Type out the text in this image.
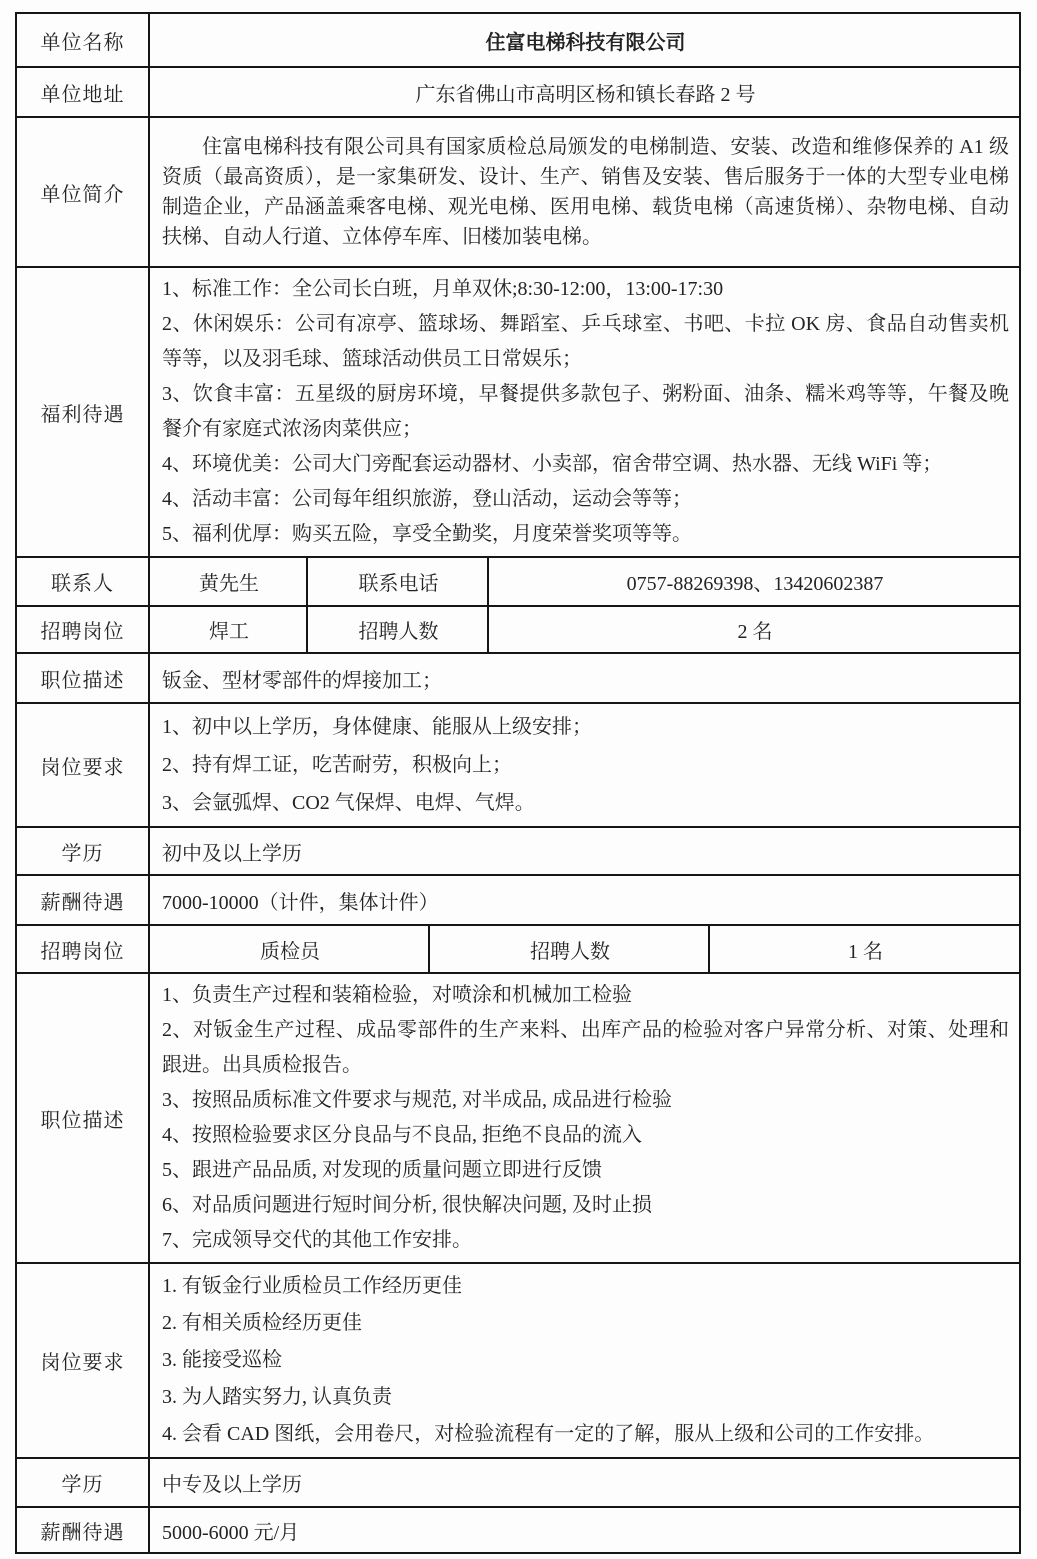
单位名称	住富电梯科技有限公司
单位地址	广东省佛山市高明区杨和镇长春路 2 号
单位简介
住富电梯科技有限公司具有国家质检总局颁发的电梯制造、安装、改造和维修保养的 A1 级资质（最高资质），是一家集研发、设计、生产、销售及安装、售后服务于一体的大型专业电梯制造企业，产品涵盖乘客电梯、观光电梯、医用电梯、载货电梯（高速货梯）、杂物电梯、自动扶梯、自动人行道、立体停车库、旧楼加装电梯。
福利待遇
1、标准工作：全公司长白班，月单双休;8:30-12:00，13:00-17:30
2、休闲娱乐：公司有凉亭、篮球场、舞蹈室、乒乓球室、书吧、卡拉 OK 房、食品自动售卖机等等，以及羽毛球、篮球活动供员工日常娱乐；
3、饮食丰富：五星级的厨房环境，早餐提供多款包子、粥粉面、油条、糯米鸡等等，午餐及晚餐介有家庭式浓汤肉菜供应；
4、环境优美：公司大门旁配套运动器材、小卖部，宿舍带空调、热水器、无线 WiFi 等；
4、活动丰富：公司每年组织旅游，登山活动，运动会等等；
5、福利优厚：购买五险，享受全勤奖，月度荣誉奖项等等。
联系人	黄先生	联系电话	0757-88269398、13420602387
招聘岗位	焊工	招聘人数	2 名
职位描述	钣金、型材零部件的焊接加工；
岗位要求
1、初中以上学历，身体健康、能服从上级安排；
2、持有焊工证，吃苦耐劳，积极向上；
3、会氩弧焊、CO2 气保焊、电焊、气焊。
学历	初中及以上学历
薪酬待遇	7000-10000（计件，集体计件）
招聘岗位	质检员	招聘人数	1 名
职位描述
1、负责生产过程和装箱检验，对喷涂和机械加工检验
2、对钣金生产过程、成品零部件的生产来料、出库产品的检验对客户异常分析、对策、处理和跟进。出具质检报告。
3、按照品质标准文件要求与规范, 对半成品, 成品进行检验
4、按照检验要求区分良品与不良品, 拒绝不良品的流入
5、跟进产品品质, 对发现的质量问题立即进行反馈
6、对品质问题进行短时间分析, 很快解决问题, 及时止损
7、完成领导交代的其他工作安排。
岗位要求
1. 有钣金行业质检员工作经历更佳
2. 有相关质检经历更佳
3. 能接受巡检
3. 为人踏实努力, 认真负责
4. 会看 CAD 图纸，会用卷尺，对检验流程有一定的了解，服从上级和公司的工作安排。
学历	中专及以上学历
薪酬待遇	5000-6000 元/月
